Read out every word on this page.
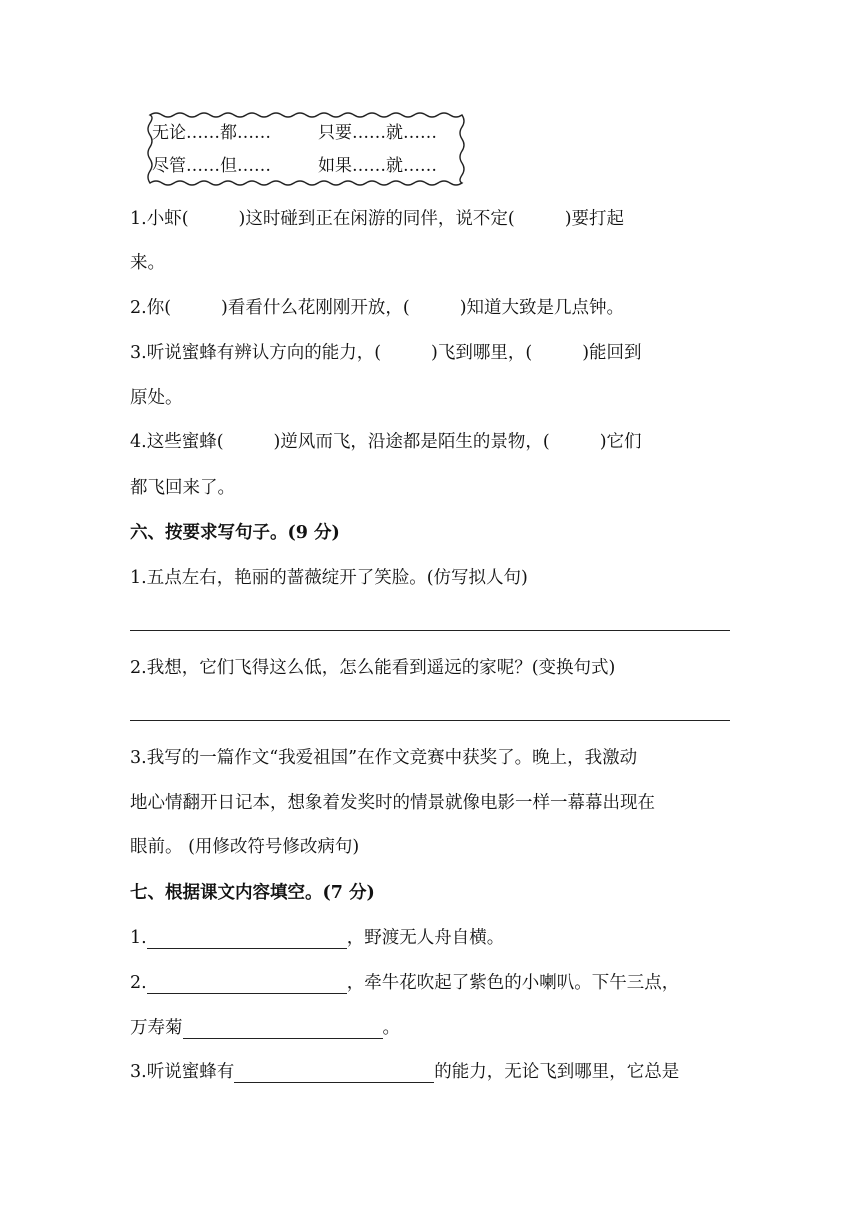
无论……都……	只要……就……
尽管……但……	如果……就……
1.小虾(	)这时碰到正在闲游的同伴，说不定(	)要打起
来。
2.你(	)看看什么花刚刚开放，(	)知道大致是几点钟。
3.听说蜜蜂有辨认方向的能力，(	)飞到哪里，(	)能回到
原处。
4.这些蜜蜂(	)逆风而飞，沿途都是陌生的景物，(	)它们
都飞回来了。
六、按要求写句子。(9 分)
1.五点左右，艳丽的蔷薇绽开了笑脸。(仿写拟人句)
2.我想，它们飞得这么低，怎么能看到遥远的家呢？(变换句式)
3.我写的一篇作文“我爱祖国”在作文竞赛中获奖了。晚上，我激动
地心情翻开日记本，想象着发奖时的情景就像电影一样一幕幕出现在
眼前。 (用修改符号修改病句)
七、根据课文内容填空。(7 分)
1.	，野渡无人舟自横。
2.	，牵牛花吹起了紫色的小喇叭。下午三点，
万寿菊	。
3.听说蜜蜂有	的能力，无论飞到哪里，它总是
